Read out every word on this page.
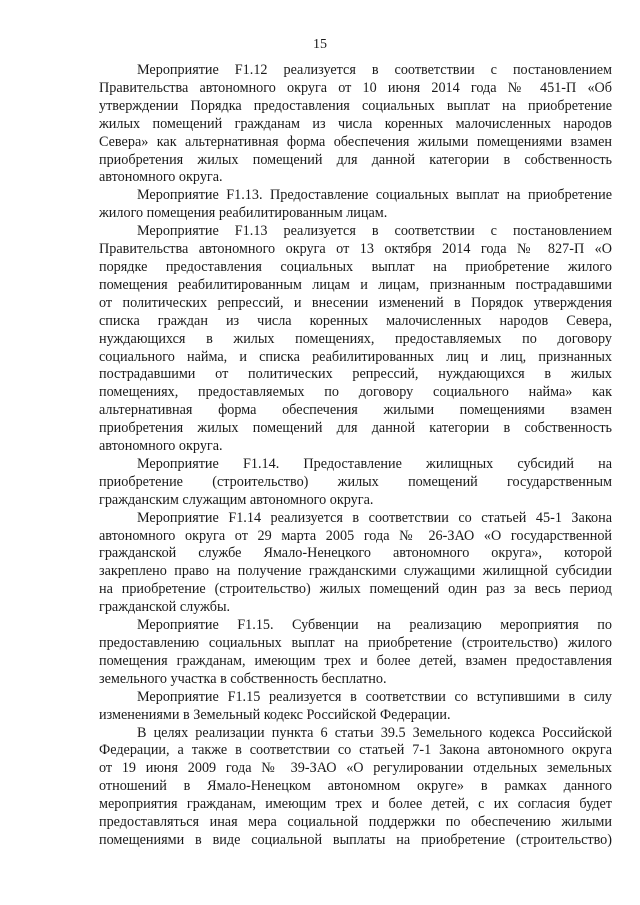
15
Мероприятие F1.12 реализуется в соответствии с постановлением
Правительства автономного округа от 10 июня 2014 года № 451-П «Об
утверждении Порядка предоставления социальных выплат на приобретение
жилых помещений гражданам из числа коренных малочисленных народов
Севера» как альтернативная форма обеспечения жилыми помещениями взамен
приобретения жилых помещений для данной категории в собственность
автономного округа.
Мероприятие F1.13. Предоставление социальных выплат на приобретение
жилого помещения реабилитированным лицам.
Мероприятие F1.13 реализуется в соответствии с постановлением
Правительства автономного округа от 13 октября 2014 года № 827-П «О
порядке предоставления социальных выплат на приобретение жилого
помещения реабилитированным лицам и лицам, признанным пострадавшими
от политических репрессий, и внесении изменений в Порядок утверждения
списка граждан из числа коренных малочисленных народов Севера,
нуждающихся в жилых помещениях, предоставляемых по договору
социального найма, и списка реабилитированных лиц и лиц, признанных
пострадавшими от политических репрессий, нуждающихся в жилых
помещениях, предоставляемых по договору социального найма» как
альтернативная форма обеспечения жилыми помещениями взамен
приобретения жилых помещений для данной категории в собственность
автономного округа.
Мероприятие F1.14. Предоставление жилищных субсидий на
приобретение (строительство) жилых помещений государственным
гражданским служащим автономного округа.
Мероприятие F1.14 реализуется в соответствии со статьей 45-1 Закона
автономного округа от 29 марта 2005 года № 26-ЗАО «О государственной
гражданской службе Ямало-Ненецкого автономного округа», которой
закреплено право на получение гражданскими служащими жилищной субсидии
на приобретение (строительство) жилых помещений один раз за весь период
гражданской службы.
Мероприятие F1.15. Субвенции на реализацию мероприятия по
предоставлению социальных выплат на приобретение (строительство) жилого
помещения гражданам, имеющим трех и более детей, взамен предоставления
земельного участка в собственность бесплатно.
Мероприятие F1.15 реализуется в соответствии со вступившими в силу
изменениями в Земельный кодекс Российской Федерации.
В целях реализации пункта 6 статьи 39.5 Земельного кодекса Российской
Федерации, а также в соответствии со статьей 7-1 Закона автономного округа
от 19 июня 2009 года № 39-ЗАО «О регулировании отдельных земельных
отношений в Ямало-Ненецком автономном округе» в рамках данного
мероприятия гражданам, имеющим трех и более детей, с их согласия будет
предоставляться иная мера социальной поддержки по обеспечению жилыми
помещениями в виде социальной выплаты на приобретение (строительство)
